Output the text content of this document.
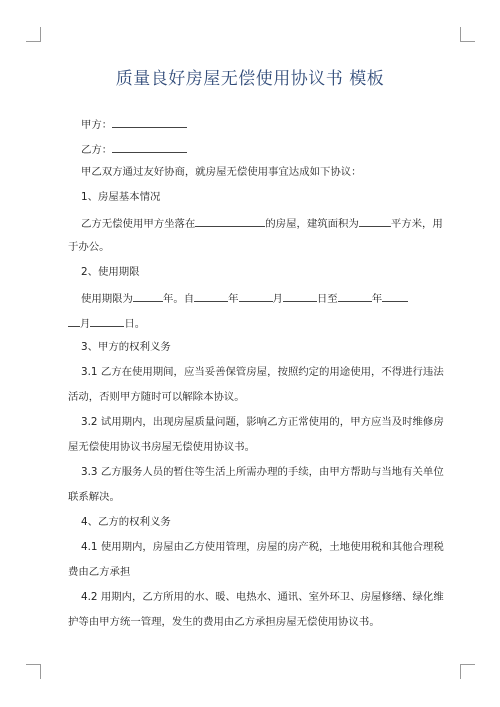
质量良好房屋无偿使用协议书 模板
甲方：
乙方：
甲乙双方通过友好协商，就房屋无偿使用事宜达成如下协议：
1、房屋基本情况
乙方无偿使用甲方坐落在	的房屋，建筑面积为	平方米，用
于办公。
2、使用期限
使用期限为	年。自	年	月	日至	年
月	日。
3、甲方的权利义务
3.1 乙方在使用期间，应当妥善保管房屋，按照约定的用途使用，不得进行违法
活动，否则甲方随时可以解除本协议。
3.2 试用期内，出现房屋质量问题，影响乙方正常使用的，甲方应当及时维修房
屋无偿使用协议书房屋无偿使用协议书。
3.3 乙方服务人员的暂住等生活上所需办理的手续，由甲方帮助与当地有关单位
联系解决。
4、乙方的权利义务
4.1 使用期内，房屋由乙方使用管理，房屋的房产税，土地使用税和其他合理税
费由乙方承担
4.2 用期内，乙方所用的水、暖、电热水、通讯、室外环卫、房屋修缮、绿化维
护等由甲方统一管理，发生的费用由乙方承担房屋无偿使用协议书。
